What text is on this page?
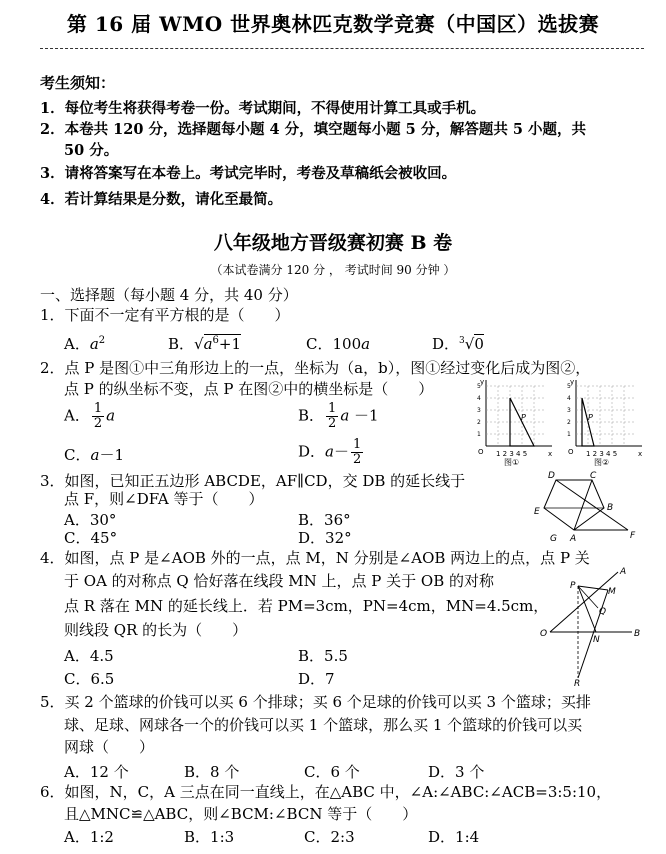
第 16 届 WMO 世界奥林匹克数学竞赛（中国区）选拔赛
考生须知：
1．每位考生将获得考卷一份。考试期间，不得使用计算工具或手机。
2．本卷共 120 分，选择题每小题 4 分，填空题每小题 5 分，解答题共 5 小题，共
50 分。
3．请将答案写在本卷上。考试完毕时，考卷及草稿纸会被收回。
4．若计算结果是分数，请化至最简。
八年级地方晋级赛初赛 B 卷
（本试卷满分 120 分 ， 考试时间 90 分钟 ）
一、选择题（每小题 4 分，共 40 分）
1．下面不一定有平方根的是（　　）
A．$a^2$	B．$√a^6+1$	C．100a	D．$^3$√0
2．点 P 是图①中三角形边上的一点，坐标为（a，b），图①经过变化后成为图②，
点 P 的纵坐标不变，点 P 在图②中的横坐标是（　　）
A． $\frac{1}{2}$ a	B． $\frac{1}{2}$ a －1
C．a－1	D．$a- \frac{1}{2}$
P
O 1 2 3 4 5	x
y
1
2
3
4
5
图①
P
O 1 2 3 4 5	x
y
1
2
3
4
5
图②
3．如图，已知正五边形 ABCDE，AF∥CD，交 DB 的延长线于
点 F，则∠DFA 等于（　　）
A．30°	B．36°
C．45°	D．32°
D	C
B
A
E
G	F
4．如图，点 P 是∠AOB 外的一点，点 M，N 分别是∠AOB 两边上的点，点 P 关
于 OA 的对称点 Q 恰好落在线段 MN 上，点 P 关于 OB 的对称
点 R 落在 MN 的延长线上．若 PM=3cm，PN=4cm，MN=4.5cm，
则线段 QR 的长为（　　）
A．4.5	B．5.5
C．6.5	D．7
P
A
M
Q
N
O	B
R
5．买 2 个篮球的价钱可以买 6 个排球；买 6 个足球的价钱可以买 3 个篮球；买排
球、足球、网球各一个的价钱可以买 1 个篮球，那么买 1 个篮球的价钱可以买
网球（　　）
A．12 个	B．8 个	C．6 个	D．3 个
6．如图，N，C，A 三点在同一直线上，在△ABC 中，∠A:∠ABC:∠ACB=3:5:10，
且△MNC≌△ABC，则∠BCM:∠BCN 等于（　　）
A．1:2	B．1:3	C．2:3	D．1:4
